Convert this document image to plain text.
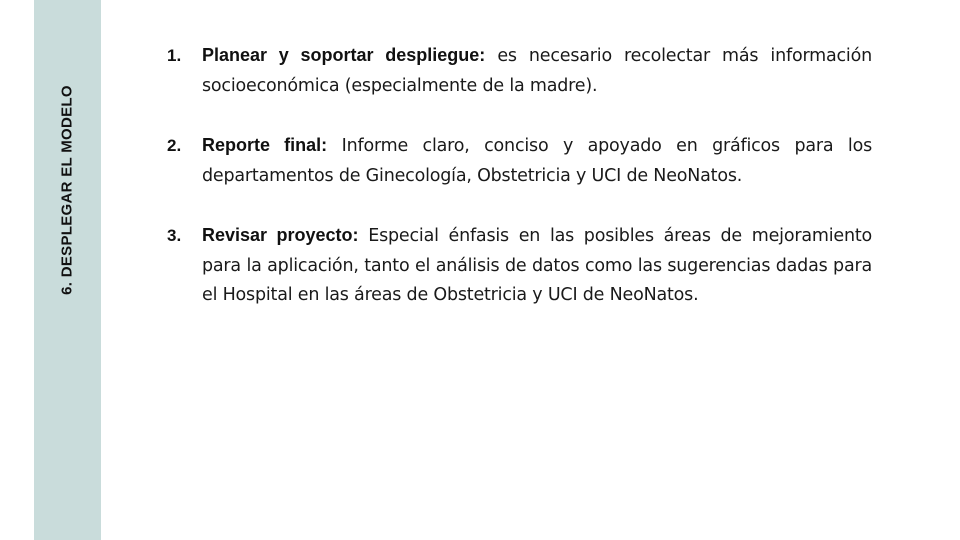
6. DESPLEGAR EL MODELO
1.	Planear y soportar despliegue: es necesario recolectar más información socioeconómica (especialmente de la madre).
2.	Reporte final: Informe claro, conciso y apoyado en gráficos para los departamentos de Ginecología, Obstetricia y UCI de NeoNatos.
3.	Revisar proyecto: Especial énfasis en las posibles áreas de mejoramiento para la aplicación, tanto el análisis de datos como las sugerencias dadas para el Hospital en las áreas de Obstetricia y UCI de NeoNatos.
